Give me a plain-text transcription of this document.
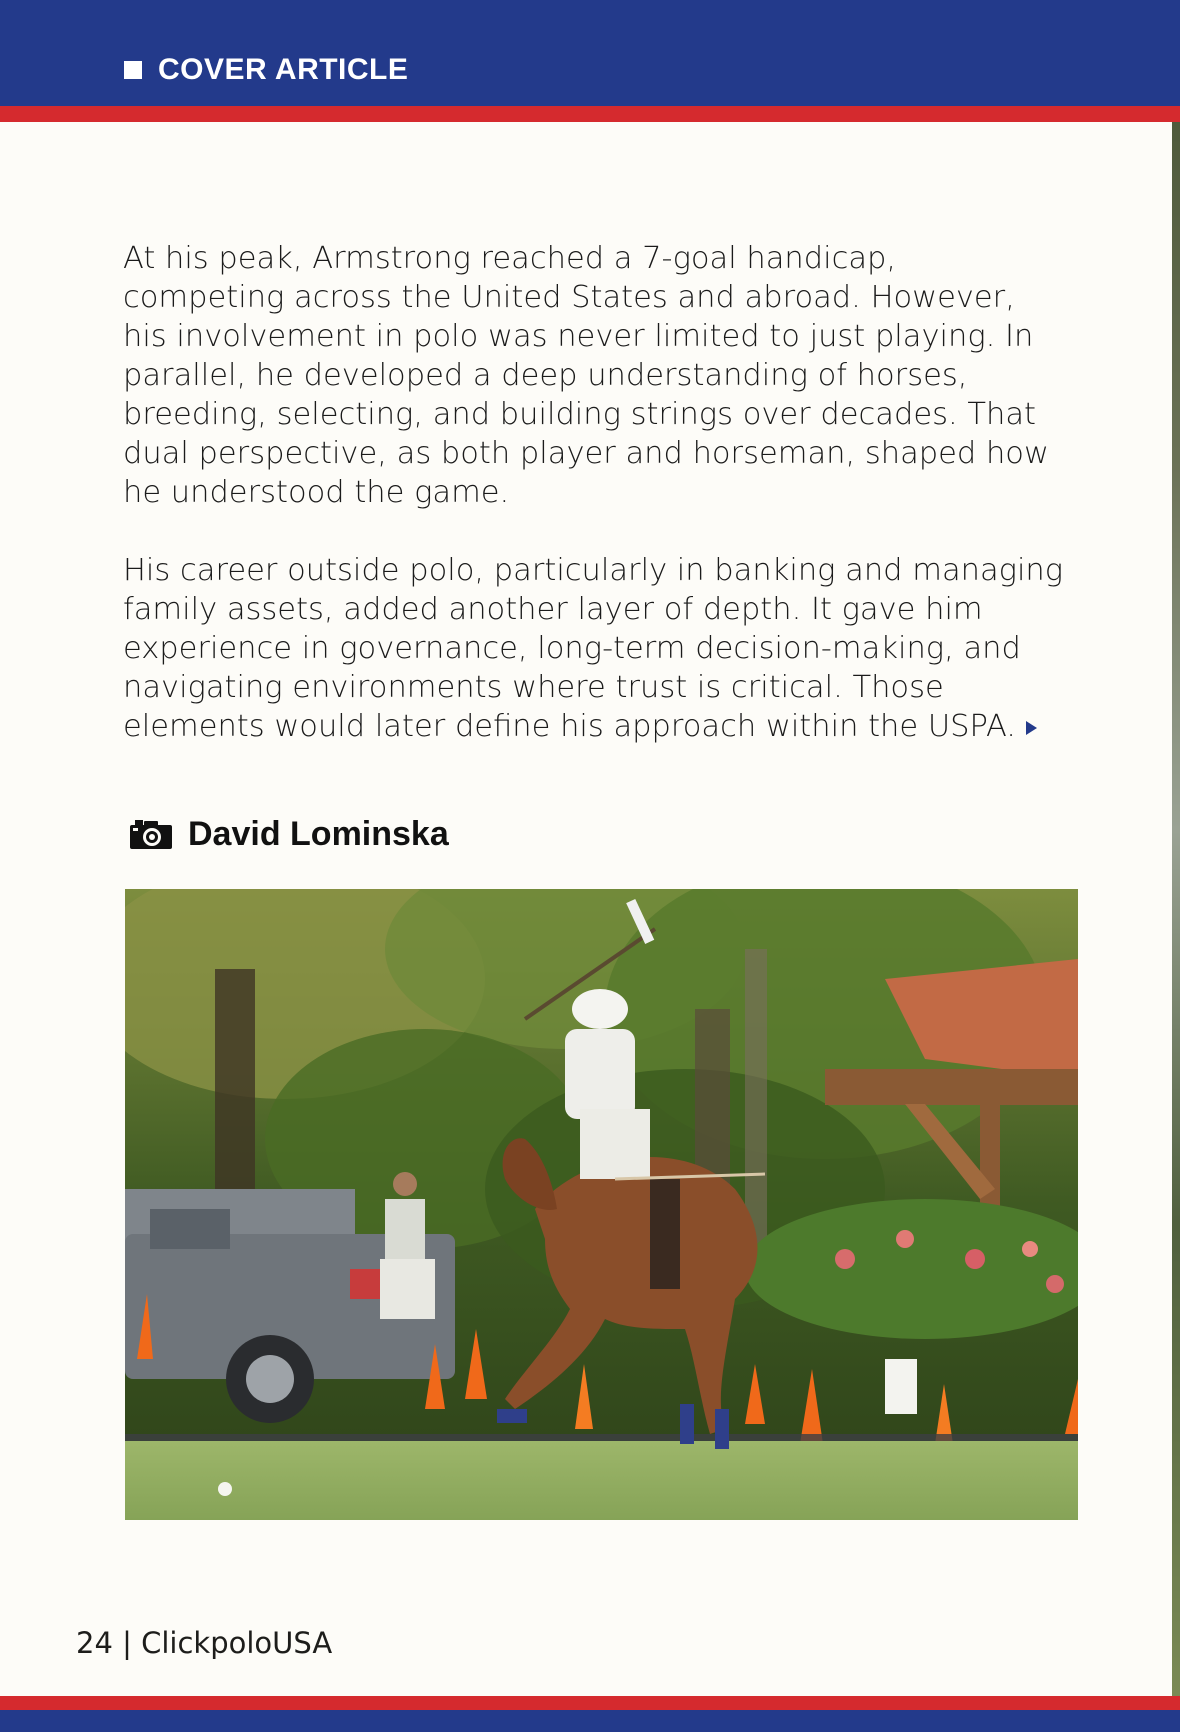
COVER ARTICLE
At his peak, Armstrong reached a 7-goal handicap,
competing across the United States and abroad. However,
his involvement in polo was never limited to just playing. In
parallel, he developed a deep understanding of horses,
breeding, selecting, and building strings over decades. That
dual perspective, as both player and horseman, shaped how
he understood the game.
His career outside polo, particularly in banking and managing
family assets, added another layer of depth. It gave him
experience in governance, long-term decision-making, and
navigating environments where trust is critical. Those
elements would later define his approach within the USPA.
David Lominska
24 | ClickpoloUSA
